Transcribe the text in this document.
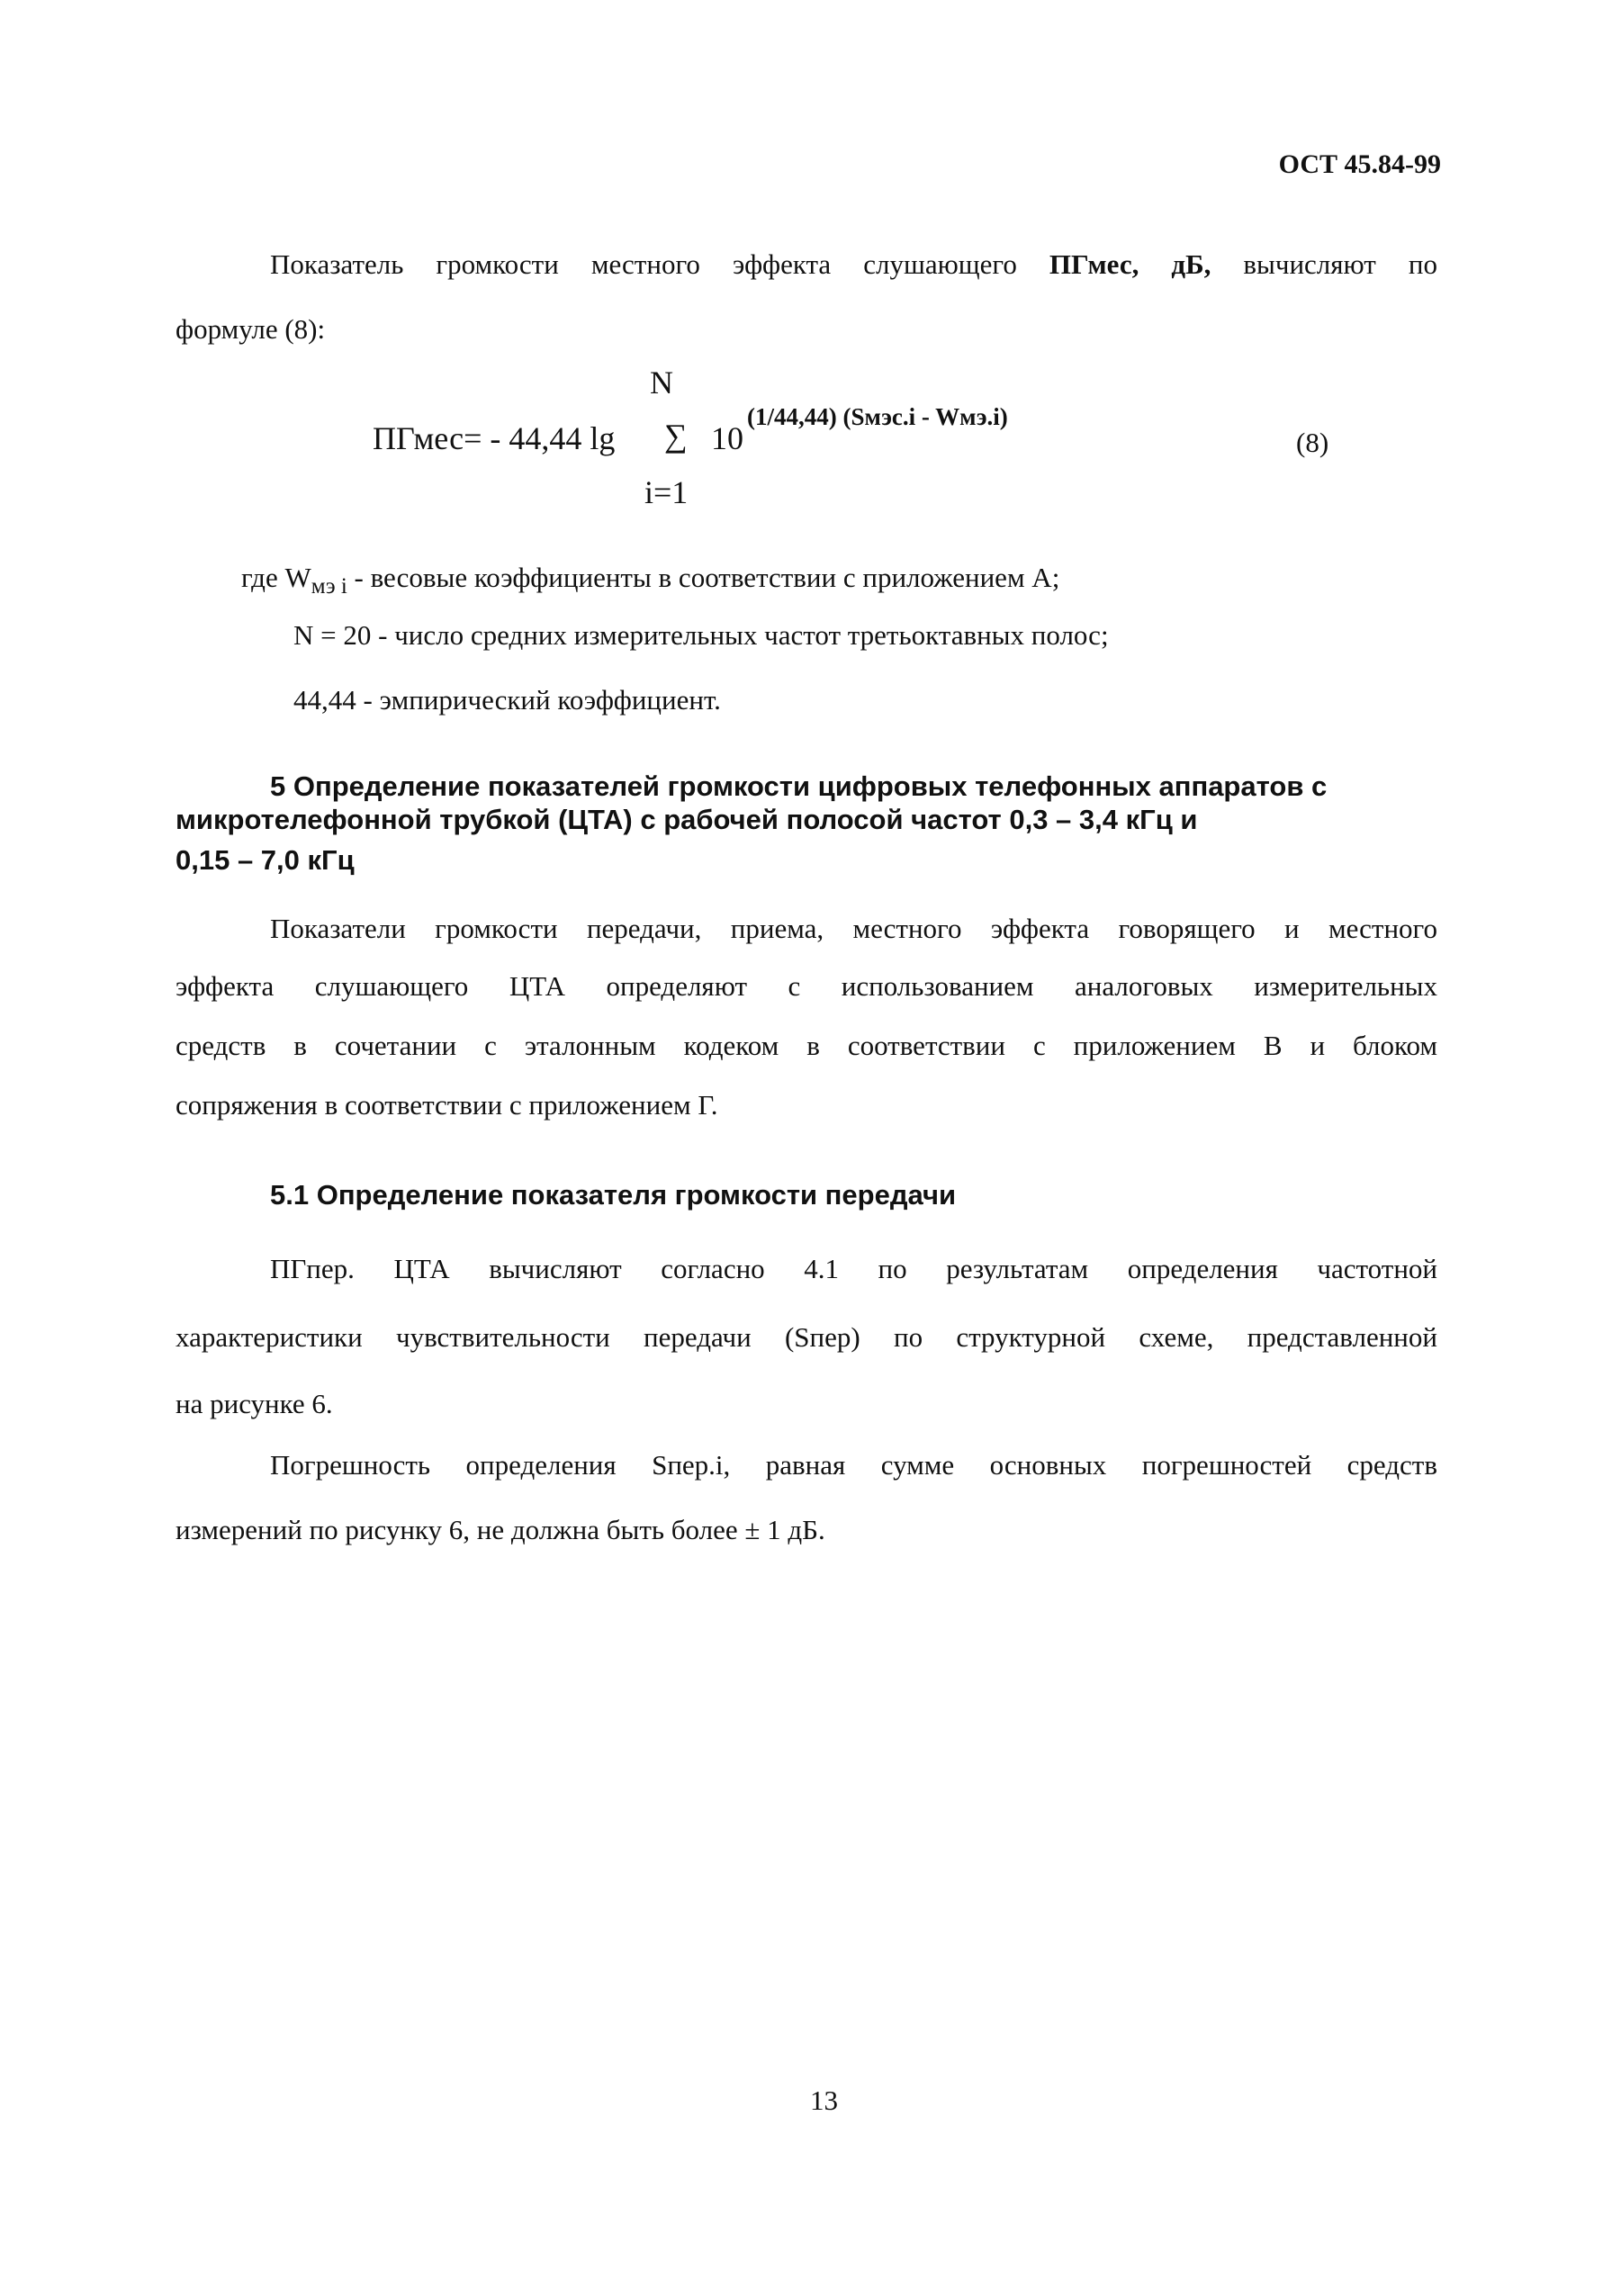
ОСТ 45.84-99
Показатель громкости местного эффекта слушающего ПГмес, дБ, вычисляют по
формуле (8):
N
ПГмес= - 44,44 lg ∑ 10
(1/44,44) (Sмэс.i - Wмэ.i)
i=1
(8)
где $W_{мэ i}$ - весовые коэффициенты в соответствии с приложением А;
N = 20 - число средних измерительных частот третьоктавных полос;
44,44 - эмпирический коэффициент.
5 Определение показателей громкости цифровых телефонных аппаратов с
микротелефонной трубкой (ЦТА) с рабочей полосой частот 0,3 – 3,4 кГц и
0,15 – 7,0 кГц
Показатели громкости передачи, приема, местного эффекта говорящего и местного
эффекта слушающего ЦТА определяют с использованием аналоговых измерительных
средств в сочетании с эталонным кодеком в соответствии с приложением В и блоком
сопряжения в соответствии с приложением Г.
5.1 Определение показателя громкости передачи
ПГпер. ЦТА вычисляют согласно 4.1 по результатам определения частотной
характеристики чувствительности передачи (Sпер) по структурной схеме, представленной
на рисунке 6.
Погрешность определения Sпер.i, равная сумме основных погрешностей средств
измерений по рисунку 6, не должна быть более ± 1 дБ.
13
